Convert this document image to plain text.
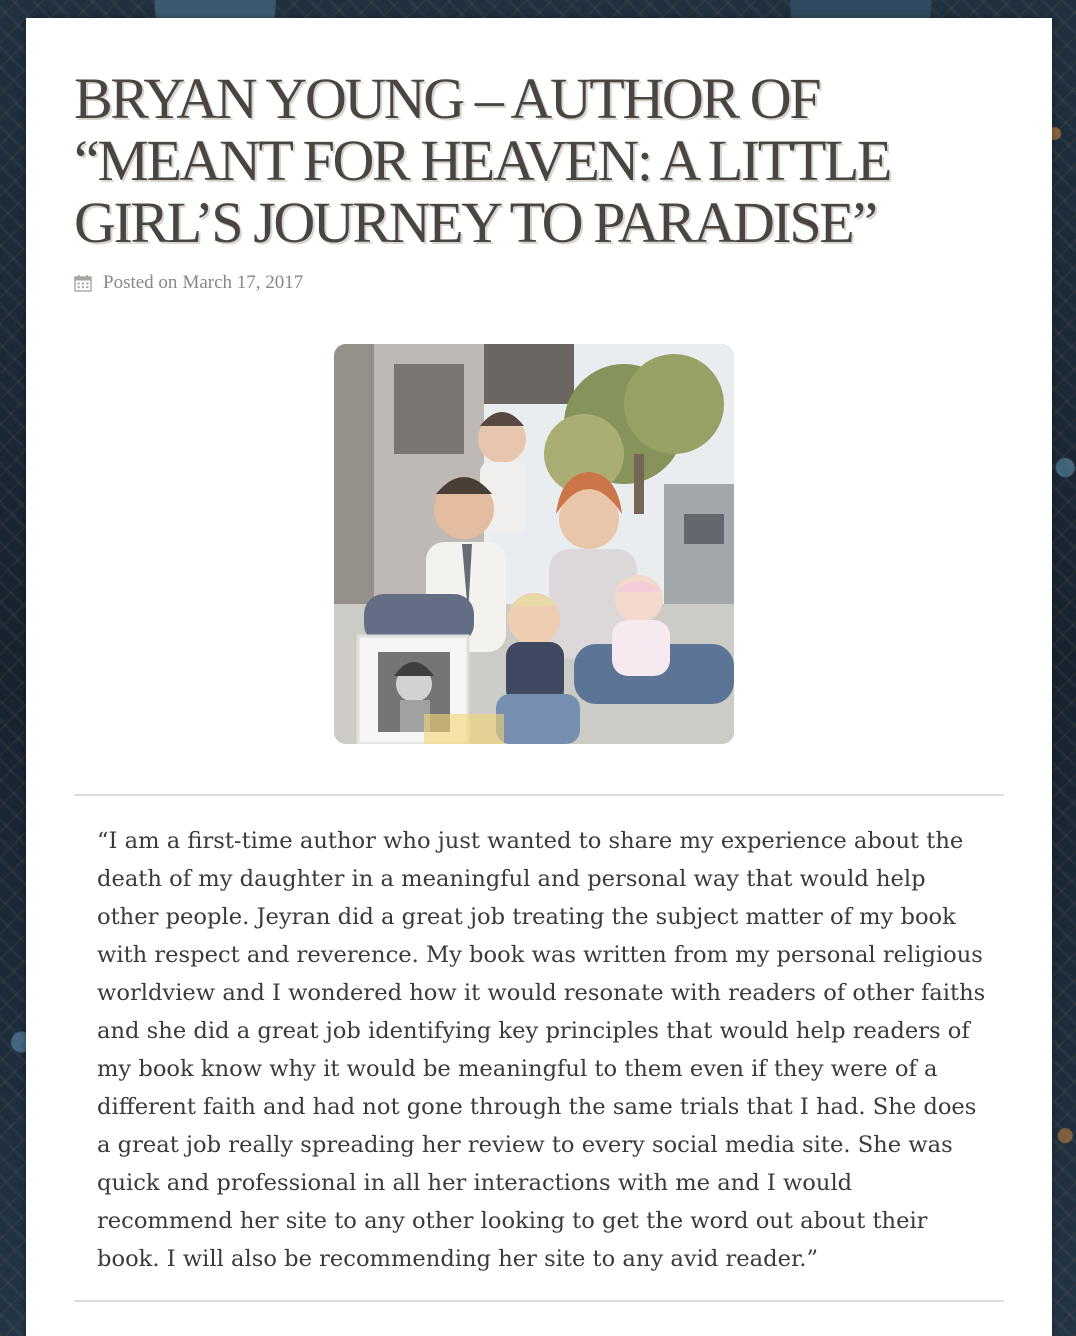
BRYAN YOUNG – AUTHOR OF “MEANT FOR HEAVEN: A LITTLE GIRL’S JOURNEY TO PARADISE”
Posted on March 17, 2017

“I am a first-time author who just wanted to share my experience about the death of my daughter in a meaningful and personal way that would help other people. Jeyran did a great job treating the subject matter of my book with respect and reverence. My book was written from my personal religious worldview and I wondered how it would resonate with readers of other faiths and she did a great job identifying key principles that would help readers of my book know why it would be meaningful to them even if they were of a different faith and had not gone through the same trials that I had. She does a great job really spreading her review to every social media site. She was quick and professional in all her interactions with me and I would recommend her site to any other looking to get the word out about their book. I will also be recommending her site to any avid reader.”
